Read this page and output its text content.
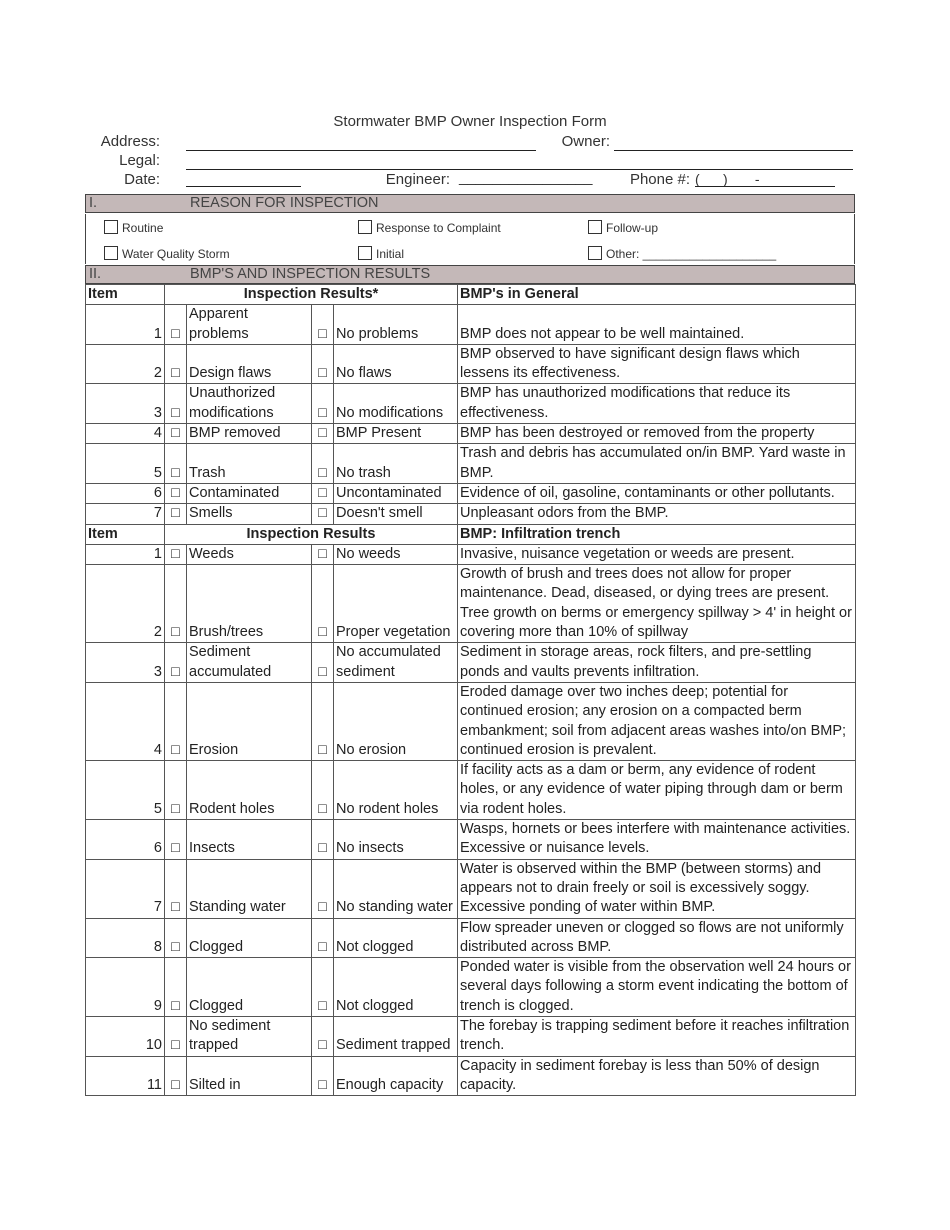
Stormwater BMP Owner Inspection Form
Address:	Owner:
Legal:
Date:	Engineer: ________________	Phone #: (      )       -
I.	REASON FOR INSPECTION
Routine	Response to Complaint	Follow-up
Water Quality Storm	Initial	Other: ____________________
II.	BMP'S AND INSPECTION RESULTS
Item	Inspection Results*				BMP's in General
1	□	Apparent problems	□	No problems	BMP does not appear to be well maintained.
2	□	Design flaws	□	No flaws	BMP observed to have significant design flaws which lessens its effectiveness.
3	□	Unauthorized modifications	□	No modifications	BMP has unauthorized modifications that reduce its effectiveness.
4	□	BMP removed	□	BMP Present	BMP has been destroyed or removed from the property
5	□	Trash	□	No trash	Trash and debris has accumulated on/in BMP. Yard waste in BMP.
6	□	Contaminated	□	Uncontaminated	Evidence of oil, gasoline, contaminants or other pollutants.
7	□	Smells	□	Doesn't smell	Unpleasant odors from the BMP.
Item	Inspection Results				BMP: Infiltration trench
1	□	Weeds	□	No weeds	Invasive, nuisance vegetation or weeds are present.
2	□	Brush/trees	□	Proper vegetation	Growth of brush and trees does not allow for proper maintenance. Dead, diseased, or dying trees are present. Tree growth on berms or emergency spillway > 4' in height or covering more than 10% of spillway
3	□	Sediment accumulated	□	No accumulated sediment	Sediment in storage areas, rock filters, and pre-settling ponds and vaults prevents infiltration.
4	□	Erosion	□	No erosion	Eroded damage over two inches deep; potential for continued erosion; any erosion on a compacted berm embankment; soil from adjacent areas washes into/on BMP; continued erosion is prevalent.
5	□	Rodent holes	□	No rodent holes	If facility acts as a dam or berm, any evidence of rodent holes, or any evidence of water piping through dam or berm via rodent holes.
6	□	Insects	□	No insects	Wasps, hornets or bees interfere with maintenance activities. Excessive or nuisance levels.
7	□	Standing water	□	No standing water	Water is observed within the BMP (between storms) and appears not to drain freely or soil is excessively soggy. Excessive ponding of water within BMP.
8	□	Clogged	□	Not clogged	Flow spreader uneven or clogged so flows are not uniformly distributed across BMP.
9	□	Clogged	□	Not clogged	Ponded water is visible from the observation well 24 hours or several days following a storm event indicating the bottom of trench is clogged.
10	□	No sediment trapped	□	Sediment trapped	The forebay is trapping sediment before it reaches infiltration trench.
11	□	Silted in	□	Enough capacity	Capacity in sediment forebay is less than 50% of design capacity.
